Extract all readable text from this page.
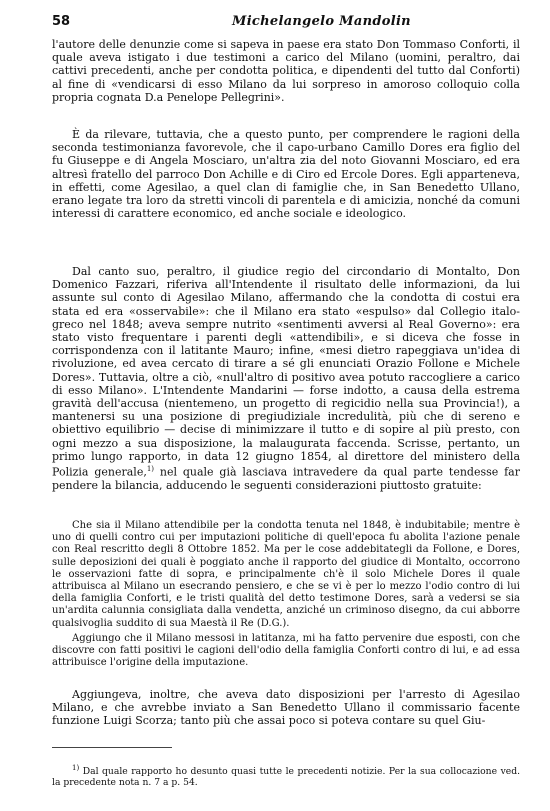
58	Michelangelo Mandolin

l'autore delle denunzie come si sapeva in paese era stato Don Tommaso Conforti, il quale aveva istigato i due testimoni a carico del Milano (uomini, peraltro, dai cattivi precedenti, anche per condotta politica, e dipendenti del tutto dal Conforti) al fine di «vendicarsi di esso Milano da lui sorpreso in amoroso colloquio colla propria cognata D.a Penelope Pellegrini».

È da rilevare, tuttavia, che a questo punto, per comprendere le ragioni della seconda testimonianza favorevole, che il capo-urbano Camillo Dores era figlio del fu Giuseppe e di Angela Mosciaro, un'altra zia del noto Giovanni Mosciaro, ed era altresì fratello del parroco Don Achille e di Ciro ed Ercole Dores. Egli apparteneva, in effetti, come Agesilao, a quel clan di famiglie che, in San Benedetto Ullano, erano legate tra loro da stretti vincoli di parentela e di amicizia, nonché da comuni interessi di carattere economico, ed anche sociale e ideologico.

Dal canto suo, peraltro, il giudice regio del circondario di Montalto, Don Domenico Fazzari, riferiva all'Intendente il risultato delle informazioni, da lui assunte sul conto di Agesilao Milano, affermando che la condotta di costui era stata ed era «osservabile»: che il Milano era stato «espulso» dal Collegio italo-greco nel 1848; aveva sempre nutrito «sentimenti avversi al Real Governo»: era stato visto frequentare i parenti degli «attendibili», e si diceva che fosse in corrispondenza con il latitante Mauro; infine, «mesi dietro rapeggiava un'idea di rivoluzione, ed avea cercato di tirare a sé gli enunciati Orazio Follone e Michele Dores». Tuttavia, oltre a ciò, «null'altro di positivo avea potuto raccogliere a carico di esso Milano». L'Intendente Mandarini — forse indotto, a causa della estrema gravità dell'accusa (nientemeno, un progetto di regicidio nella sua Provincia!), a mantenersi su una posizione di pregiudiziale incredulità, più che di sereno e obiettivo equilibrio — decise di minimizzare il tutto e di sopire al più presto, con ogni mezzo a sua disposizione, la malaugurata faccenda. Scrisse, pertanto, un primo lungo rapporto, in data 12 giugno 1854, al direttore del ministero della Polizia generale,$^{1)}$ nel quale già lasciava intravedere da qual parte tendesse far pendere la bilancia, adducendo le seguenti considerazioni piuttosto gratuite:

Che sia il Milano attendibile per la condotta tenuta nel 1848, è indubitabile; mentre è uno di quelli contro cui per imputazioni politiche di quell'epoca fu abolita l'azione penale con Real rescritto degli 8 Ottobre 1852. Ma per le cose addebitategli da Follone, e Dores, sulle deposizioni dei quali è poggiato anche il rapporto del giudice di Montalto, occorrono le osservazioni fatte di sopra, e principalmente ch'è il solo Michele Dores il quale attribuisca al Milano un esecrando pensiero, e che se vi è per lo mezzo l'odio contro di lui della famiglia Conforti, e le tristi qualità del detto testimone Dores, sarà a vedersi se sia un'ardita calunnia consigliata dalla vendetta, anziché un criminoso disegno, da cui abborre qualsivoglia suddito di sua Maestà il Re (D.G.).

Aggiungo che il Milano messosi in latitanza, mi ha fatto pervenire due esposti, con che discovre con fatti positivi le cagioni dell'odio della famiglia Conforti contro di lui, e ad essa attribuisce l'origine della imputazione.

Aggiungeva, inoltre, che aveva dato disposizioni per l'arresto di Agesilao Milano, e che avrebbe inviato a San Benedetto Ullano il commissario facente funzione Luigi Scorza; tanto più che assai poco si poteva contare su quel Giu-

$^{1)}$ Dal quale rapporto ho desunto quasi tutte le precedenti notizie. Per la sua collocazione ved. la precedente nota n. 7 a p. 54.
